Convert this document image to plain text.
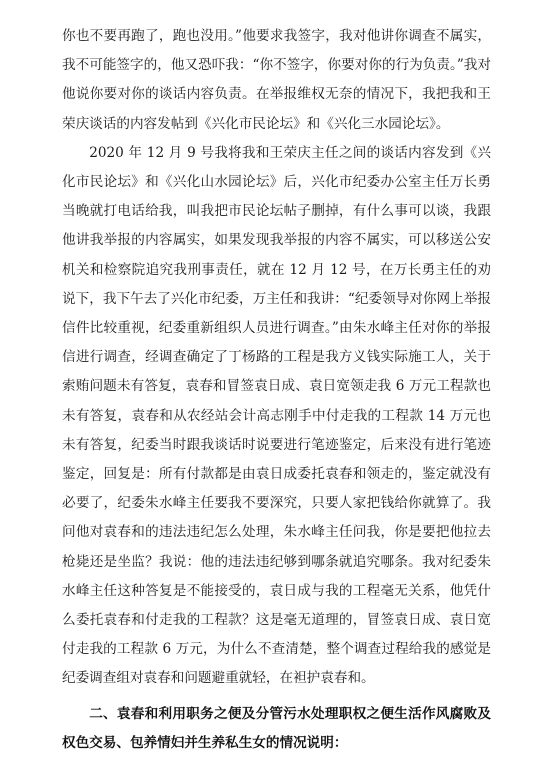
你也不要再跑了，跑也没用。”他要求我签字，我对他讲你调查不属实，我不可能签字的，他又恐吓我：“你不签字，你要对你的行为负责。”我对他说你要对你的谈话内容负责。在举报维权无奈的情况下，我把我和王荣庆谈话的内容发帖到《兴化市民论坛》和《兴化三水园论坛》。

2020 年 12 月 9 号我将我和王荣庆主任之间的谈话内容发到《兴化市民论坛》和《兴化山水园论坛》后，兴化市纪委办公室主任万长勇当晚就打电话给我，叫我把市民论坛帖子删掉，有什么事可以谈，我跟他讲我举报的内容属实，如果发现我举报的内容不属实，可以移送公安机关和检察院追究我刑事责任，就在 12 月 12 号，在万长勇主任的劝说下，我下午去了兴化市纪委，万主任和我讲：“纪委领导对你网上举报信件比较重视，纪委重新组织人员进行调查。”由朱水峰主任对你的举报信进行调查，经调查确定了丁杨路的工程是我方义钱实际施工人，关于索贿问题未有答复，袁春和冒签袁日成、袁日宽领走我 6 万元工程款也未有答复，袁春和从农经站会计高志刚手中付走我的工程款 14 万元也未有答复，纪委当时跟我谈话时说要进行笔迹鉴定，后来没有进行笔迹鉴定，回复是：所有付款都是由袁日成委托袁春和领走的，鉴定就没有必要了，纪委朱水峰主任要我不要深究，只要人家把钱给你就算了。我问他对袁春和的违法违纪怎么处理，朱水峰主任问我，你是要把他拉去枪毙还是坐监？我说：他的违法违纪够到哪条就追究哪条。我对纪委朱水峰主任这种答复是不能接受的，袁日成与我的工程毫无关系，他凭什么委托袁春和付走我的工程款？这是毫无道理的，冒签袁日成、袁日宽付走我的工程款 6 万元，为什么不查清楚，整个调查过程给我的感觉是纪委调查组对袁春和问题避重就轻，在袒护袁春和。

二、袁春和利用职务之便及分管污水处理职权之便生活作风腐败及权色交易、包养情妇并生养私生女的情况说明：
